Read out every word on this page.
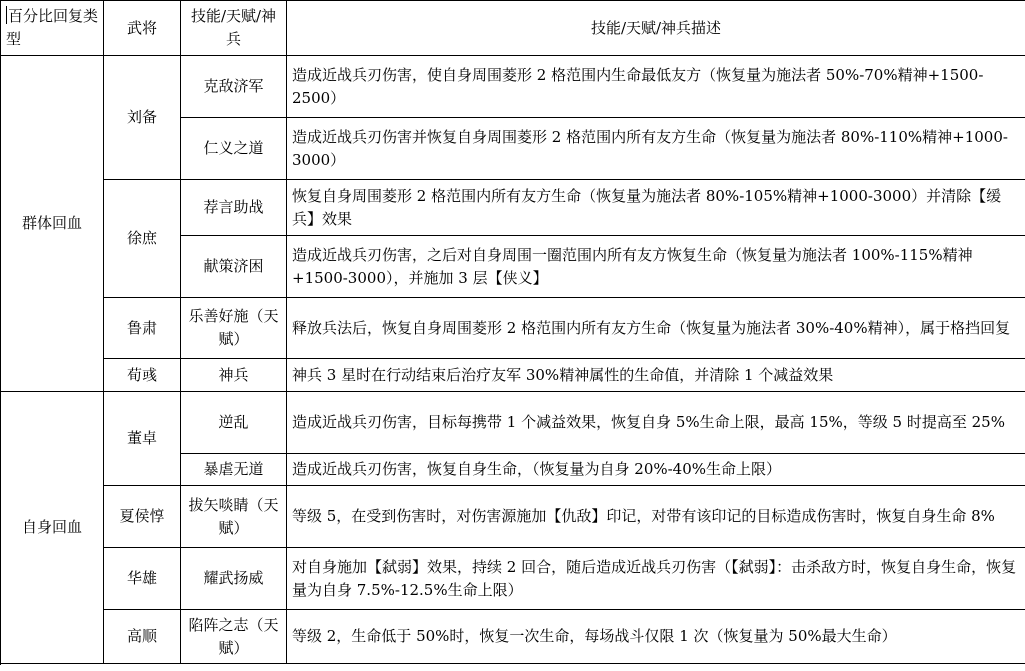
百分比回复类型	武将	技能/天赋/神兵	技能/天赋/神兵描述
群体回血	刘备	克敌济军	造成近战兵刃伤害，使自身周围菱形 2 格范围内生命最低友方（恢复量为施法者 50%-70%精神+1500-2500）
		仁义之道	造成近战兵刃伤害并恢复自身周围菱形 2 格范围内所有友方生命（恢复量为施法者 80%-110%精神+1000-3000）
	徐庶	荐言助战	恢复自身周围菱形 2 格范围内所有友方生命（恢复量为施法者 80%-105%精神+1000-3000）并清除【缓兵】效果
		献策济困	造成近战兵刃伤害，之后对自身周围一圈范围内所有友方恢复生命（恢复量为施法者 100%-115%精神+1500-3000），并施加 3 层【侠义】
	鲁肃	乐善好施（天赋）	释放兵法后，恢复自身周围菱形 2 格范围内所有友方生命（恢复量为施法者 30%-40%精神），属于格挡回复
	荀彧	神兵	神兵 3 星时在行动结束后治疗友军 30%精神属性的生命值，并清除 1 个减益效果

自身回血	董卓	逆乱	造成近战兵刃伤害，目标每携带 1 个减益效果，恢复自身 5%生命上限，最高 15%，等级 5 时提高至 25%
		暴虐无道	造成近战兵刃伤害，恢复自身生命，（恢复量为自身 20%-40%生命上限）
	夏侯惇	拔矢啖睛（天赋）	等级 5，在受到伤害时，对伤害源施加【仇敌】印记，对带有该印记的目标造成伤害时，恢复自身生命 8%
	华雄	耀武扬威	对自身施加【弑弱】效果，持续 2 回合，随后造成近战兵刃伤害（【弑弱】：击杀敌方时，恢复自身生命，恢复量为自身 7.5%-12.5%生命上限）
	高顺	陷阵之志（天赋）	等级 2，生命低于 50%时，恢复一次生命，每场战斗仅限 1 次（恢复量为 50%最大生命）
